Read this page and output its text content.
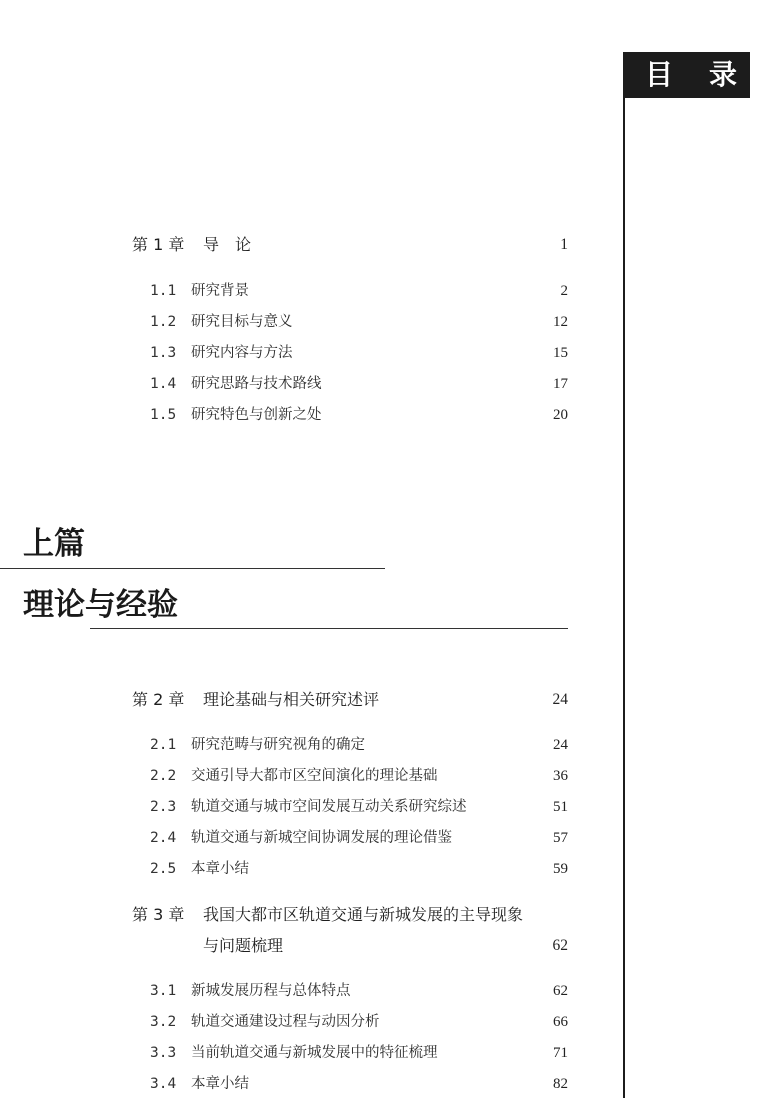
目录
第 1 章 导　论	1
1.1 研究背景	2
1.2 研究目标与意义	12
1.3 研究内容与方法	15
1.4 研究思路与技术路线	17
1.5 研究特色与创新之处	20
上篇
理论与经验
第 2 章 理论基础与相关研究述评	24
2.1 研究范畴与研究视角的确定	24
2.2 交通引导大都市区空间演化的理论基础	36
2.3 轨道交通与城市空间发展互动关系研究综述	51
2.4 轨道交通与新城空间协调发展的理论借鉴	57
2.5 本章小结	59
第 3 章 我国大都市区轨道交通与新城发展的主导现象
与问题梳理	62
3.1 新城发展历程与总体特点	62
3.2 轨道交通建设过程与动因分析	66
3.3 当前轨道交通与新城发展中的特征梳理	71
3.4 本章小结	82
